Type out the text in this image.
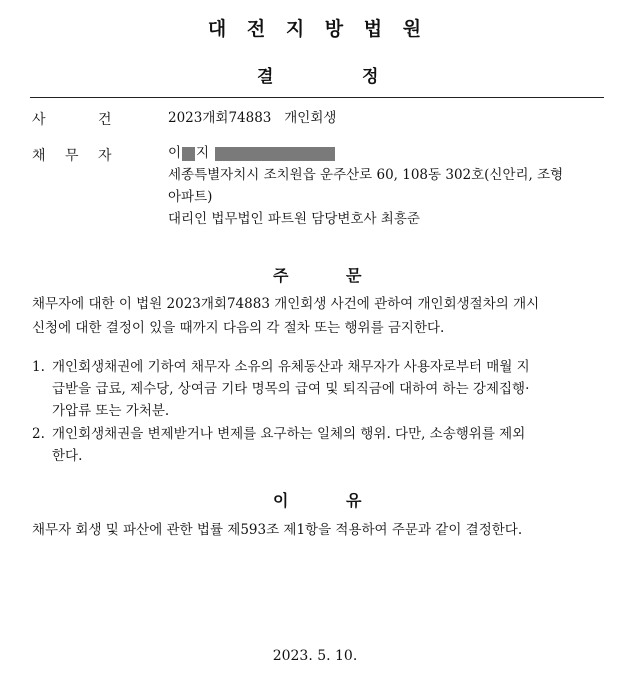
대 전 지 방 법 원
결	정
사	건	2023개회74883   개인회생
채 무 자	이 지
세종특별자치시 조치원읍 운주산로 60, 108동 302호(신안리, 조형
아파트)
대리인 법무법인 파트원 담당변호사 최흥준
주	문
채무자에 대한 이 법원 2023개회74883 개인회생 사건에 관하여 개인회생절차의 개시
신청에 대한 결정이 있을 때까지 다음의 각 절차 또는 행위를 금지한다.
1. 개인회생채권에 기하여 채무자 소유의 유체동산과 채무자가 사용자로부터 매월 지
급받을 급료, 제수당, 상여금 기타 명목의 급여 및 퇴직금에 대하여 하는 강제집행·
가압류 또는 가처분.
2. 개인회생채권을 변제받거나 변제를 요구하는 일체의 행위. 다만, 소송행위를 제외
한다.
이	유
채무자 회생 및 파산에 관한 법률 제593조 제1항을 적용하여 주문과 같이 결정한다.
2023. 5. 10.
